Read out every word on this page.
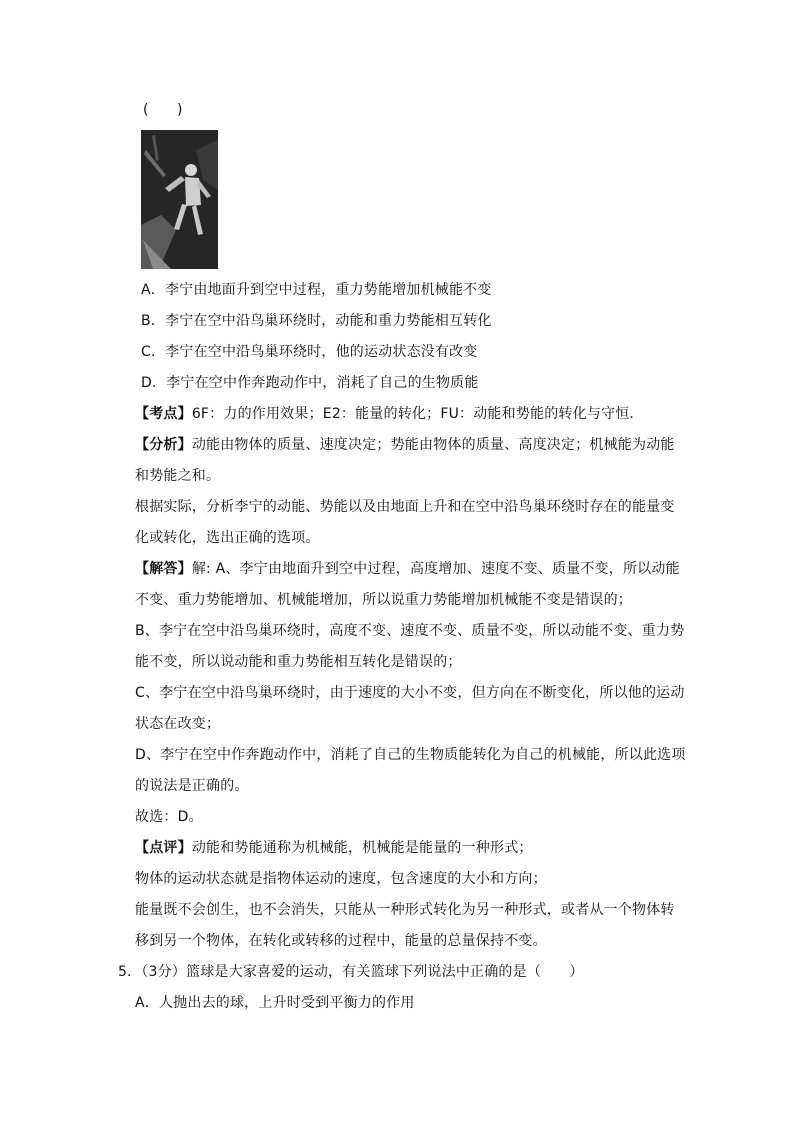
(　　)
A．李宁由地面升到空中过程，重力势能增加机械能不变
B．李宁在空中沿鸟巢环绕时，动能和重力势能相互转化
C．李宁在空中沿鸟巢环绕时，他的运动状态没有改变
D．李宁在空中作奔跑动作中，消耗了自己的生物质能
【考点】6F：力的作用效果；E2：能量的转化；FU：动能和势能的转化与守恒．
【分析】动能由物体的质量、速度决定；势能由物体的质量、高度决定；机械能为动能
和势能之和。
根据实际，分析李宁的动能、势能以及由地面上升和在空中沿鸟巢环绕时存在的能量变
化或转化，选出正确的选项。
【解答】解: A、李宁由地面升到空中过程，高度增加、速度不变、质量不变，所以动能
不变、重力势能增加、机械能增加，所以说重力势能增加机械能不变是错误的；
B、李宁在空中沿鸟巢环绕时，高度不变、速度不变、质量不变，所以动能不变、重力势
能不变，所以说动能和重力势能相互转化是错误的；
C、李宁在空中沿鸟巢环绕时，由于速度的大小不变，但方向在不断变化，所以他的运动
状态在改变；
D、李宁在空中作奔跑动作中，消耗了自己的生物质能转化为自己的机械能，所以此选项
的说法是正确的。
故选：D。
【点评】动能和势能通称为机械能，机械能是能量的一种形式；
物体的运动状态就是指物体运动的速度，包含速度的大小和方向；
能量既不会创生，也不会消失，只能从一种形式转化为另一种形式，或者从一个物体转
移到另一个物体，在转化或转移的过程中，能量的总量保持不变。
5．（3分）篮球是大家喜爱的运动，有关篮球下列说法中正确的是（　　）
A．人抛出去的球，上升时受到平衡力的作用
